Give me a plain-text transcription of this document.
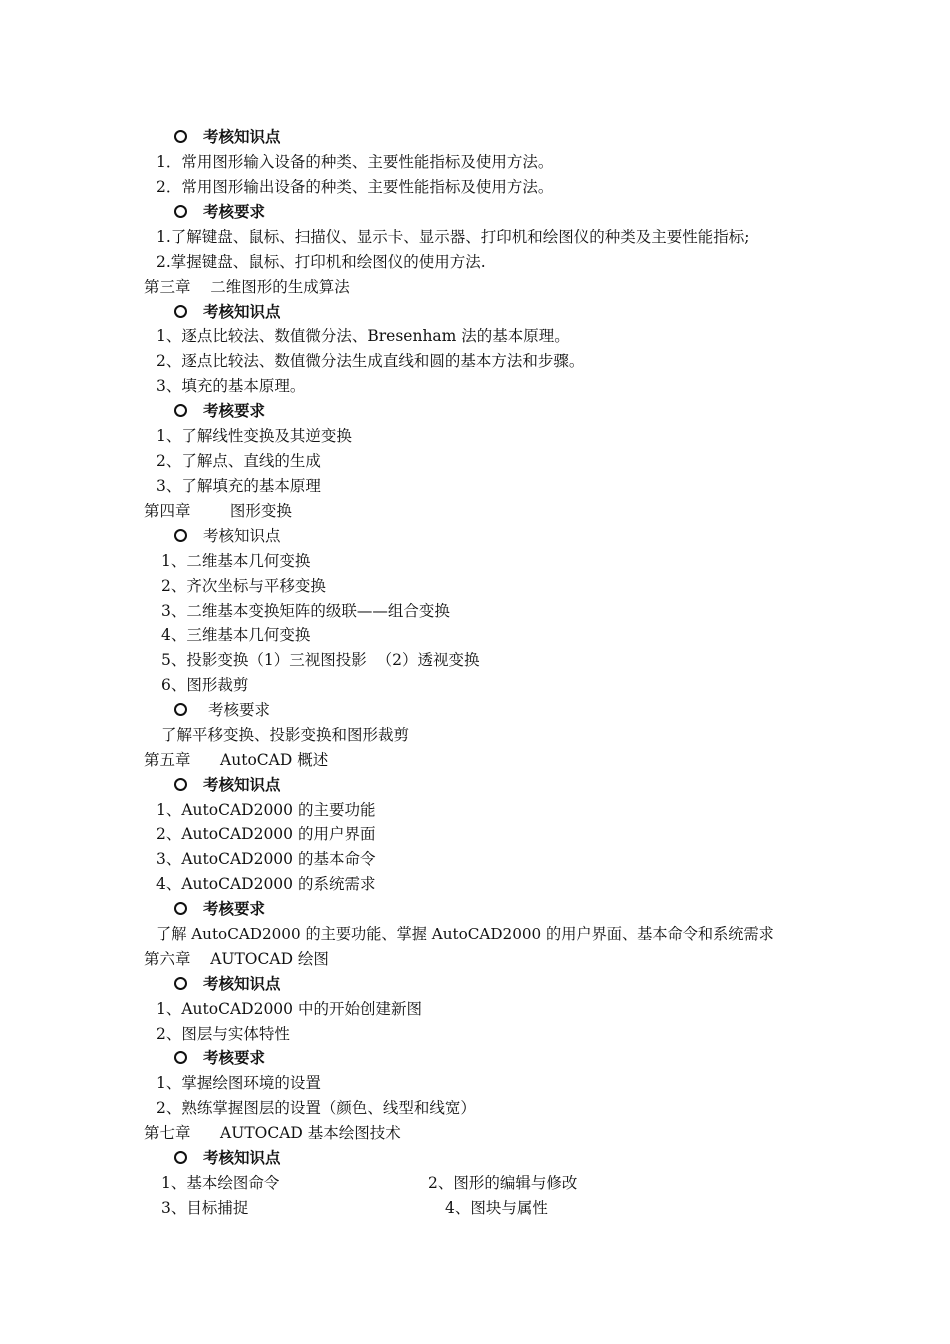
考核知识点
1．常用图形输入设备的种类、主要性能指标及使用方法。
2．常用图形输出设备的种类、主要性能指标及使用方法。
考核要求
1.了解键盘、鼠标、扫描仪、显示卡、显示器、打印机和绘图仪的种类及主要性能指标;
2.掌握键盘、鼠标、打印机和绘图仪的使用方法.
第三章    二维图形的生成算法
考核知识点
1、逐点比较法、数值微分法、Bresenham 法的基本原理。
2、逐点比较法、数值微分法生成直线和圆的基本方法和步骤。
3、填充的基本原理。
考核要求
1、了解线性变换及其逆变换
2、了解点、直线的生成
3、了解填充的基本原理
第四章        图形变换
考核知识点
1、二维基本几何变换
2、齐次坐标与平移变换
3、二维基本变换矩阵的级联——组合变换
4、三维基本几何变换
5、投影变换（1）三视图投影  （2）透视变换
6、图形裁剪
考核要求
了解平移变换、投影变换和图形裁剪
第五章      AutoCAD 概述
考核知识点
1、AutoCAD2000 的主要功能
2、AutoCAD2000 的用户界面
3、AutoCAD2000 的基本命令
4、AutoCAD2000 的系统需求
考核要求
了解 AutoCAD2000 的主要功能、掌握 AutoCAD2000 的用户界面、基本命令和系统需求
第六章    AUTOCAD 绘图
考核知识点
1、AutoCAD2000 中的开始创建新图
2、图层与实体特性
考核要求
1、掌握绘图环境的设置
2、熟练掌握图层的设置（颜色、线型和线宽）
第七章      AUTOCAD 基本绘图技术
考核知识点
1、基本绘图命令	2、图形的编辑与修改
3、目标捕捉	4、图块与属性
